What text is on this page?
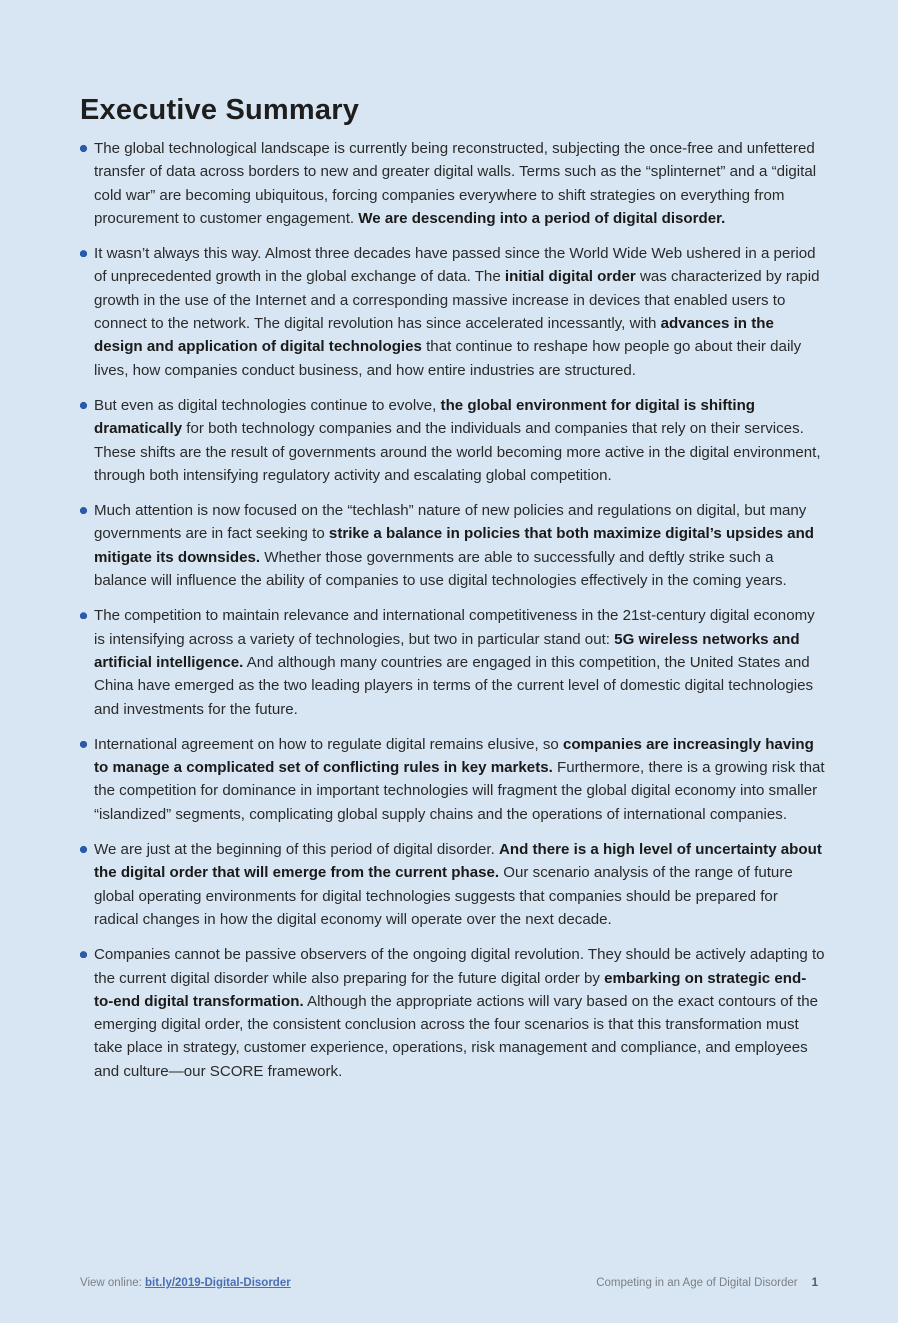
Executive Summary
The global technological landscape is currently being reconstructed, subjecting the once-free and unfettered transfer of data across borders to new and greater digital walls. Terms such as the “splinternet” and a “digital cold war” are becoming ubiquitous, forcing companies everywhere to shift strategies on everything from procurement to customer engagement. We are descending into a period of digital disorder.
It wasn’t always this way. Almost three decades have passed since the World Wide Web ushered in a period of unprecedented growth in the global exchange of data. The initial digital order was characterized by rapid growth in the use of the Internet and a corresponding massive increase in devices that enabled users to connect to the network. The digital revolution has since accelerated incessantly, with advances in the design and application of digital technologies that continue to reshape how people go about their daily lives, how companies conduct business, and how entire industries are structured.
But even as digital technologies continue to evolve, the global environment for digital is shifting dramatically for both technology companies and the individuals and companies that rely on their services. These shifts are the result of governments around the world becoming more active in the digital environment, through both intensifying regulatory activity and escalating global competition.
Much attention is now focused on the “techlash” nature of new policies and regulations on digital, but many governments are in fact seeking to strike a balance in policies that both maximize digital’s upsides and mitigate its downsides. Whether those governments are able to successfully and deftly strike such a balance will influence the ability of companies to use digital technologies effectively in the coming years.
The competition to maintain relevance and international competitiveness in the 21st-century digital economy is intensifying across a variety of technologies, but two in particular stand out: 5G wireless networks and artificial intelligence. And although many countries are engaged in this competition, the United States and China have emerged as the two leading players in terms of the current level of domestic digital technologies and investments for the future.
International agreement on how to regulate digital remains elusive, so companies are increasingly having to manage a complicated set of conflicting rules in key markets. Furthermore, there is a growing risk that the competition for dominance in important technologies will fragment the global digital economy into smaller “islandized” segments, complicating global supply chains and the operations of international companies.
We are just at the beginning of this period of digital disorder. And there is a high level of uncertainty about the digital order that will emerge from the current phase. Our scenario analysis of the range of future global operating environments for digital technologies suggests that companies should be prepared for radical changes in how the digital economy will operate over the next decade.
Companies cannot be passive observers of the ongoing digital revolution. They should be actively adapting to the current digital disorder while also preparing for the future digital order by embarking on strategic end-to-end digital transformation. Although the appropriate actions will vary based on the exact contours of the emerging digital order, the consistent conclusion across the four scenarios is that this transformation must take place in strategy, customer experience, operations, risk management and compliance, and employees and culture—our SCORE framework.
View online: bit.ly/2019-Digital-Disorder	Competing in an Age of Digital Disorder 1
